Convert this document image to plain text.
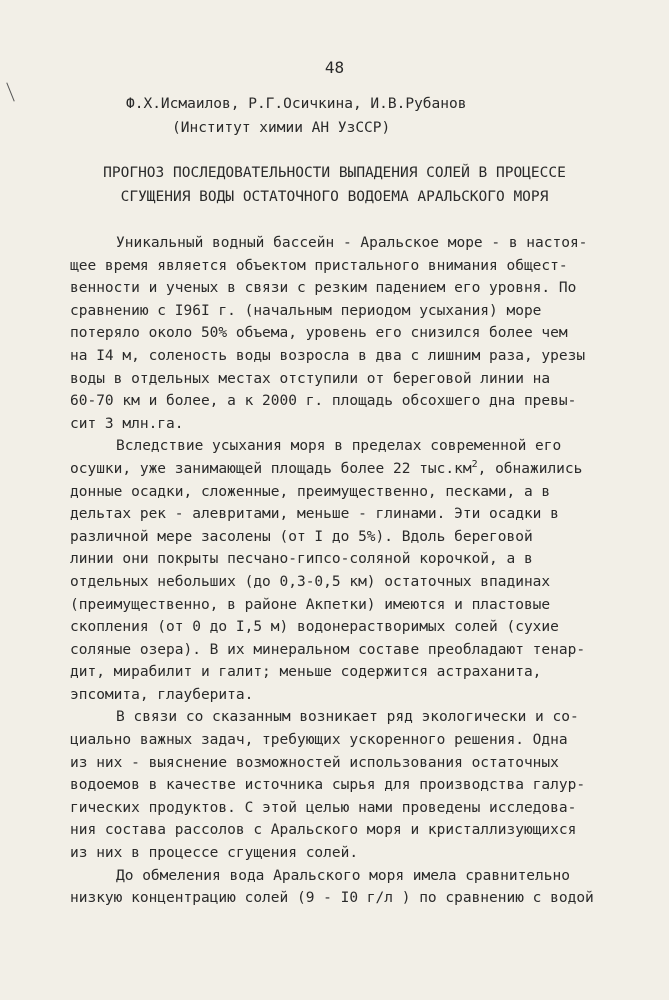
48
Ф.Х.Исмаилов, Р.Г.Осичкина, И.В.Рубанов
(Институт химии АН УзССР)
ПРОГНОЗ ПОСЛЕДОВАТЕЛЬНОСТИ ВЫПАДЕНИЯ СОЛЕЙ В ПРОЦЕССЕ
СГУЩЕНИЯ ВОДЫ ОСТАТОЧНОГО ВОДОЕМА АРАЛЬСКОГО МОРЯ
Уникальный водный бассейн - Аральское море - в настоя-
щее время является объектом пристального внимания общест-
венности и ученых в связи с резким падением его уровня. По
сравнению с I96I г. (начальным периодом усыхания) море
потеряло около 50% объема, уровень его снизился более чем
на I4 м, соленость воды возросла в два с лишним раза, урезы
воды в отдельных местах отступили от береговой линии на
60-70 км и более, а к 2000 г. площадь обсохшего дна превы-
сит 3 млн.га.
Вследствие усыхания моря в пределах современной его
осушки, уже занимающей площадь более 22 $тыс.км^2$, обнажились
донные осадки, сложенные, преимущественно, песками, а в
дельтах рек - алевритами, меньше - глинами. Эти осадки в
различной мере засолены (от I до 5%). Вдоль береговой
линии они покрыты песчано-гипсо-соляной корочкой, а в
отдельных небольших (до 0,3-0,5 км) остаточных впадинах
(преимущественно, в районе Акпетки) имеются и пластовые
скопления (от 0 до I,5 м) водонерастворимых солей (сухие
соляные озера). В их минеральном составе преобладают тенар-
дит, мирабилит и галит; меньше содержится астраханита,
эпсомита, глауберита.
В связи со сказанным возникает ряд экологически и со-
циально важных задач, требующих ускоренного решения. Одна
из них - выяснение возможностей использования остаточных
водоемов в качестве источника сырья для производства галур-
гических продуктов. С этой целью нами проведены исследова-
ния состава рассолов с Аральского моря и кристаллизующихся
из них в процессе сгущения солей.
До обмеления вода Аральского моря имела сравнительно
низкую концентрацию солей (9 - I0 г/л ) по сравнению с водой
